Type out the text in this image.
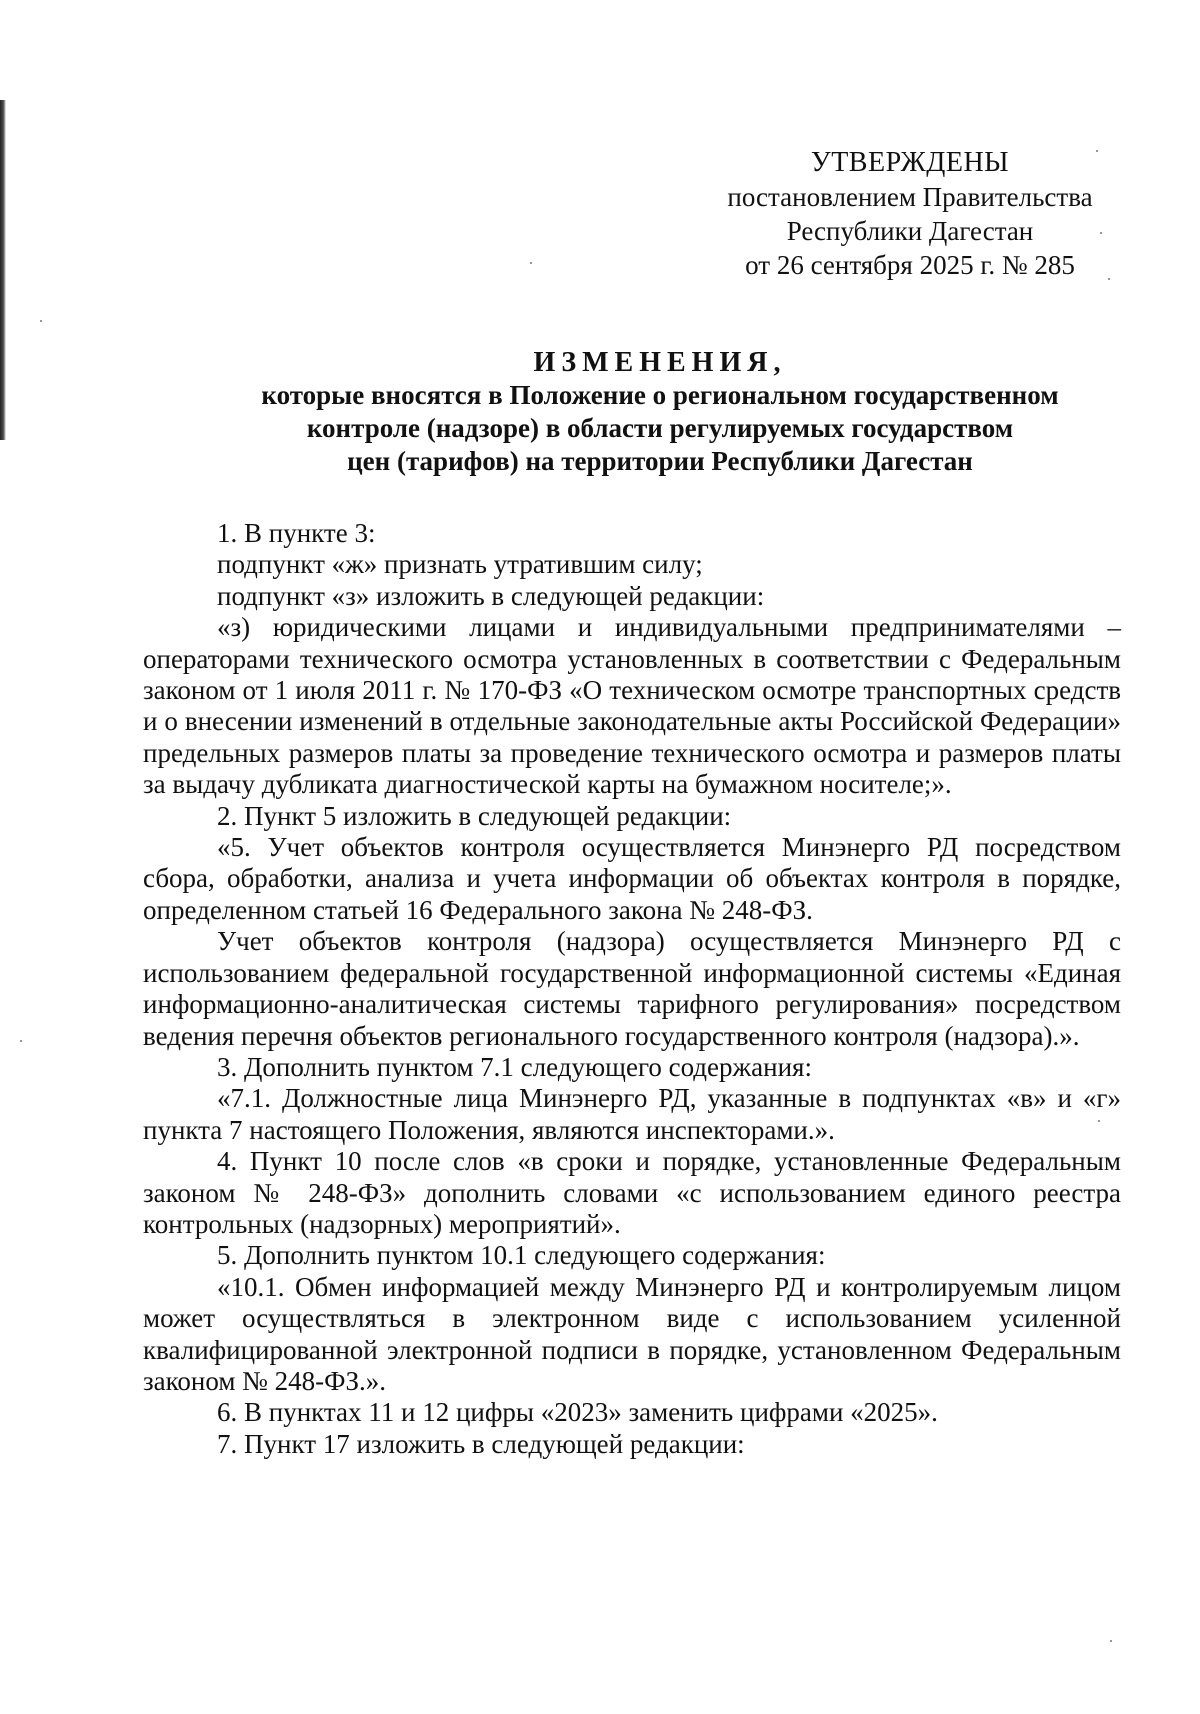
УТВЕРЖДЕНЫ
постановлением Правительства
Республики Дагестан
от 26 сентября 2025 г. № 285
ИЗМЕНЕНИЯ,
которые вносятся в Положение о региональном государственном
контроле (надзоре) в области регулируемых государством
цен (тарифов) на территории Республики Дагестан

1. В пункте 3:

подпункт «ж» признать утратившим силу;

подпункт «з» изложить в следующей редакции:

«з) юридическими лицами и индивидуальными предпринимателями – операторами технического осмотра установленных в соответствии с Федеральным законом от 1 июля 2011 г. № 170-ФЗ «О техническом осмотре транспортных средств и о внесении изменений в отдельные законодательные акты Российской Федерации» предельных размеров платы за проведение технического осмотра и размеров платы за выдачу дубликата диагностической карты на бумажном носителе;».

2. Пункт 5 изложить в следующей редакции:

«5. Учет объектов контроля осуществляется Минэнерго РД посредством сбора, обработки, анализа и учета информации об объектах контроля в порядке, определенном статьей 16 Федерального закона № 248-ФЗ.

Учет объектов контроля (надзора) осуществляется Минэнерго РД с использованием федеральной государственной информационной системы «Единая информационно-аналитическая системы тарифного регулирования» посредством ведения перечня объектов регионального государственного контроля (надзора).».

3. Дополнить пунктом 7.1 следующего содержания:

«7.1. Должностные лица Минэнерго РД, указанные в подпунктах «в» и «г» пункта 7 настоящего Положения, являются инспекторами.».

4. Пункт 10 после слов «в сроки и порядке, установленные Федеральным законом № 248-ФЗ» дополнить словами «с использованием единого реестра контрольных (надзорных) мероприятий».

5. Дополнить пунктом 10.1 следующего содержания:

«10.1. Обмен информацией между Минэнерго РД и контролируемым лицом может осуществляться в электронном виде с использованием усиленной квалифицированной электронной подписи в порядке, установленном Федеральным законом № 248-ФЗ.».

6. В пунктах 11 и 12 цифры «2023» заменить цифрами «2025».

7. Пункт 17 изложить в следующей редакции:
